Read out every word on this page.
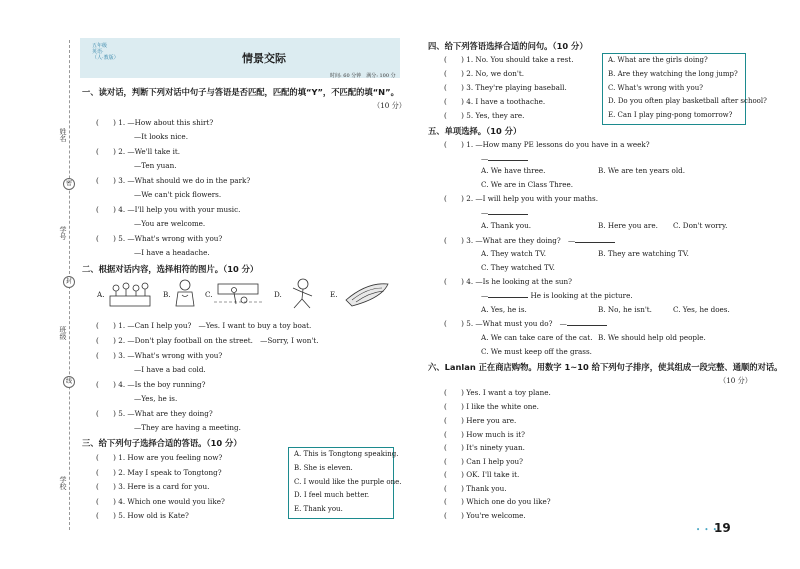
姓名
密
学号
封
班级
线
学校
五年级
英语·
（人·教版）	情景交际
时间: 60 分钟　满分: 100 分
一、读对话，判断下列对话中句子与答语是否匹配，匹配的填“Y”，不匹配的填“N”。
（10 分）
(　　) 1. —How about this shirt?
—It looks nice.
(　　) 2. —We'll take it.
—Ten yuan.
(　　) 3. —What should we do in the park?
—We can't pick flowers.
(　　) 4. —I'll help you with your music.
—You are welcome.
(　　) 5. —What's wrong with you?
—I have a headache.
二、根据对话内容，选择相符的图片。（10 分）
A.	B.	C.	D.	E.
(　　) 1. —Can I help you?　—Yes. I want to buy a toy boat.
(　　) 2. —Don't play football on the street.　—Sorry, I won't.
(　　) 3. —What's wrong with you?
—I have a bad cold.
(　　) 4. —Is the boy running?
—Yes, he is.
(　　) 5. —What are they doing?
—They are having a meeting.
三、给下列句子选择合适的答语。（10 分）
(　　) 1. How are you feeling now?
(　　) 2. May I speak to Tongtong?
(　　) 3. Here is a card for you.
(　　) 4. Which one would you like?
(　　) 5. How old is Kate?
A. This is Tongtong speaking.
B. She is eleven.
C. I would like the purple one.
D. I feel much better.
E. Thank you.
四、给下列答语选择合适的问句。（10 分）
(　　) 1. No. You should take a rest.
(　　) 2. No, we don't.
(　　) 3. They're playing baseball.
(　　) 4. I have a toothache.
(　　) 5. Yes, they are.
A. What are the girls doing?
B. Are they watching the long jump?
C. What's wrong with you?
D. Do you often play basketball after school?
E. Can I play ping-pong tomorrow?
五、单项选择。（10 分）
(　　) 1. —How many PE lessons do you have in a week?
—
A. We have three.	B. We are ten years old.
C. We are in Class Three.
(　　) 2. —I will help you with your maths.
—
A. Thank you.	B. Here you are. C. Don't worry.
(　　) 3. —What are they doing?　—
A. They watch TV.	B. They are watching TV.
C. They watched TV.
(　　) 4. —Is he looking at the sun?
—	He is looking at the picture.
A. Yes, he is.	B. No, he isn't.	C. Yes, he does.
(　　) 5. —What must you do?　—
A. We can take care of the cat. B. We should help old people.
C. We must keep off the grass.
六、Lanlan 正在商店购物。用数字 1~10 给下列句子排序，使其组成一段完整、通顺的对话。
（10 分）
(　　) Yes. I want a toy plane.
(　　) I like the white one.
(　　) Here you are.
(　　) How much is it?
(　　) It's ninety yuan.
(　　) Can I help you?
(　　) OK. I'll take it.
(　　) Thank you.
(　　) Which one do you like?
(　　) You're welcome.
• • •
19
